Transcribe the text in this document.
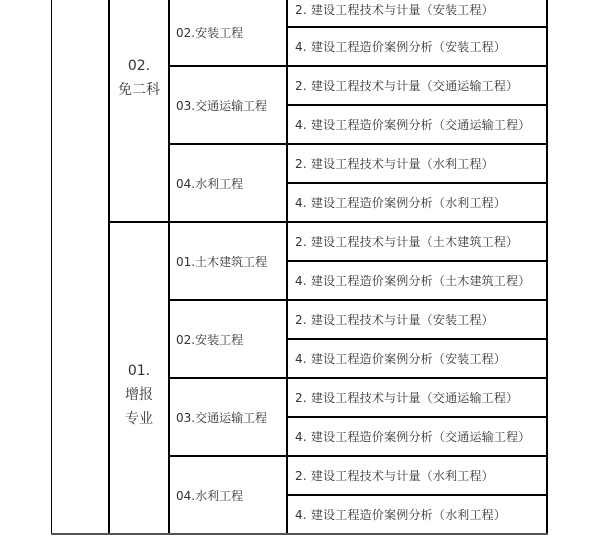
02.
免二科
02.安装工程
03.交通运输工程
04.水利工程
2. 建设工程技术与计量（安装工程）
4. 建设工程造价案例分析（安装工程）
2. 建设工程技术与计量（交通运输工程）
4. 建设工程造价案例分析（交通运输工程）
2. 建设工程技术与计量（水利工程）
4. 建设工程造价案例分析（水利工程）
01.
增报
专业
01.土木建筑工程
02.安装工程
03.交通运输工程
04.水利工程
2. 建设工程技术与计量（土木建筑工程）
4. 建设工程造价案例分析（土木建筑工程）
2. 建设工程技术与计量（安装工程）
4. 建设工程造价案例分析（安装工程）
2. 建设工程技术与计量（交通运输工程）
4. 建设工程造价案例分析（交通运输工程）
2. 建设工程技术与计量（水利工程）
4. 建设工程造价案例分析（水利工程）
